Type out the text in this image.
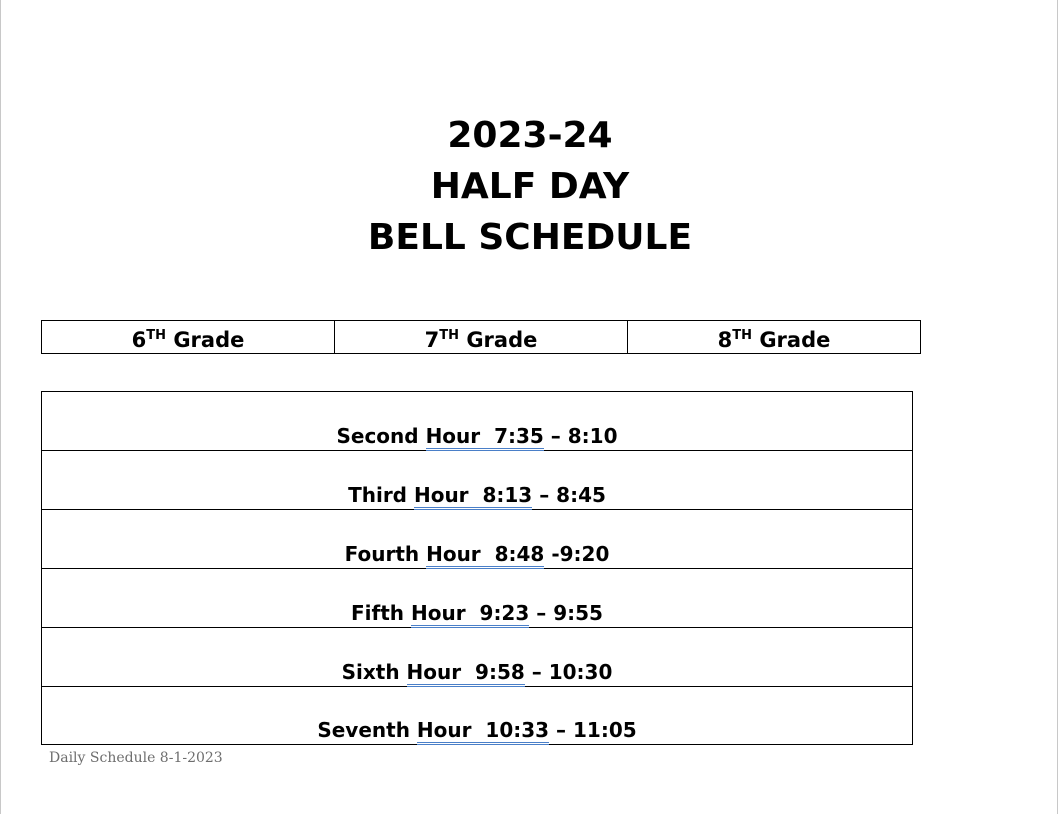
2023-24
HALF DAY
BELL SCHEDULE
6TH Grade	7TH Grade	8TH Grade
Second Hour  7:35 – 8:10
Third Hour  8:13 – 8:45
Fourth Hour  8:48 -9:20
Fifth Hour  9:23 – 9:55
Sixth Hour  9:58 – 10:30
Seventh Hour  10:33 – 11:05
Daily Schedule 8-1-2023
